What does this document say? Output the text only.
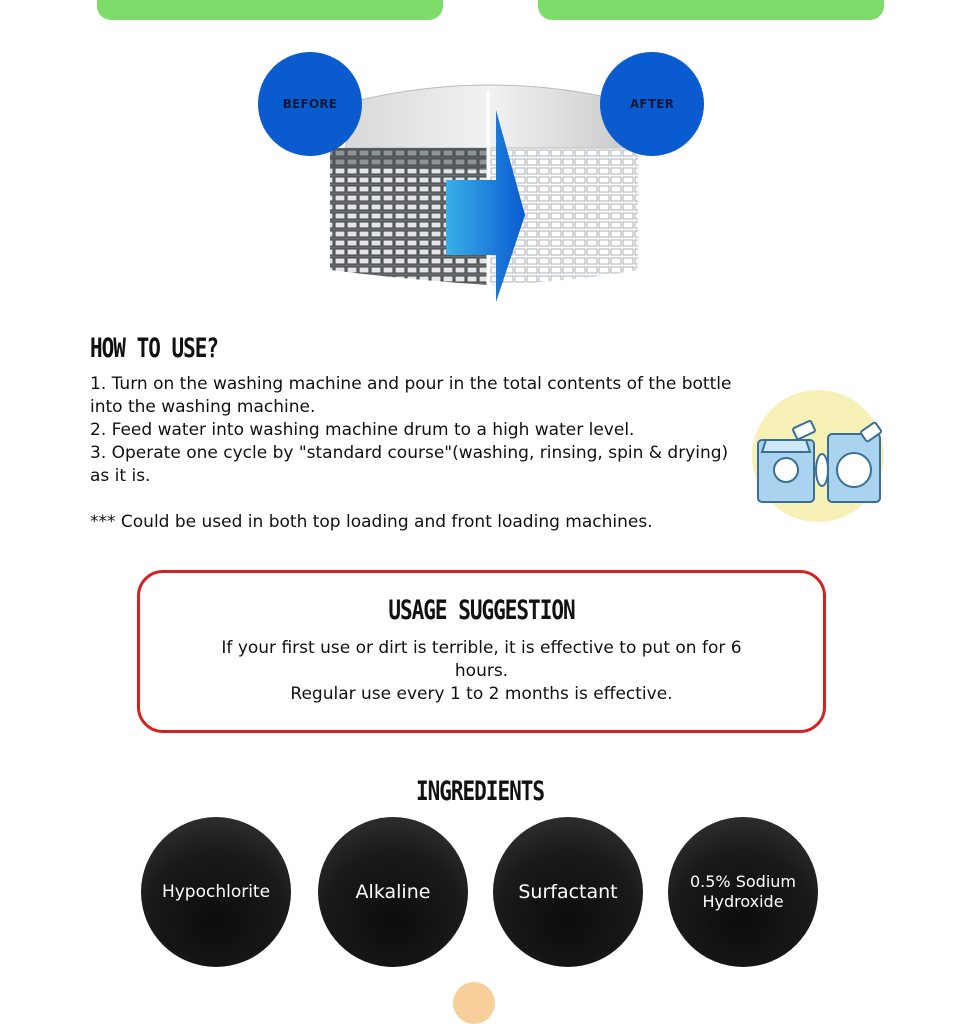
BEFORE	AFTER
HOW TO USE?

1. Turn on the washing machine and pour in the total contents of the bottle into the washing machine.

2. Feed water into washing machine drum to a high water level.

3. Operate one cycle by "standard course"(washing, rinsing, spin & drying) as it is.

*** Could be used in both top loading and front loading machines.

USAGE SUGGESTION

If your first use or dirt is terrible, it is effective to put on for 6 hours.

Regular use every 1 to 2 months is effective.

INGREDIENTS
Hypochlorite	Alkaline	Surfactant	0.5% Sodium Hydroxide
